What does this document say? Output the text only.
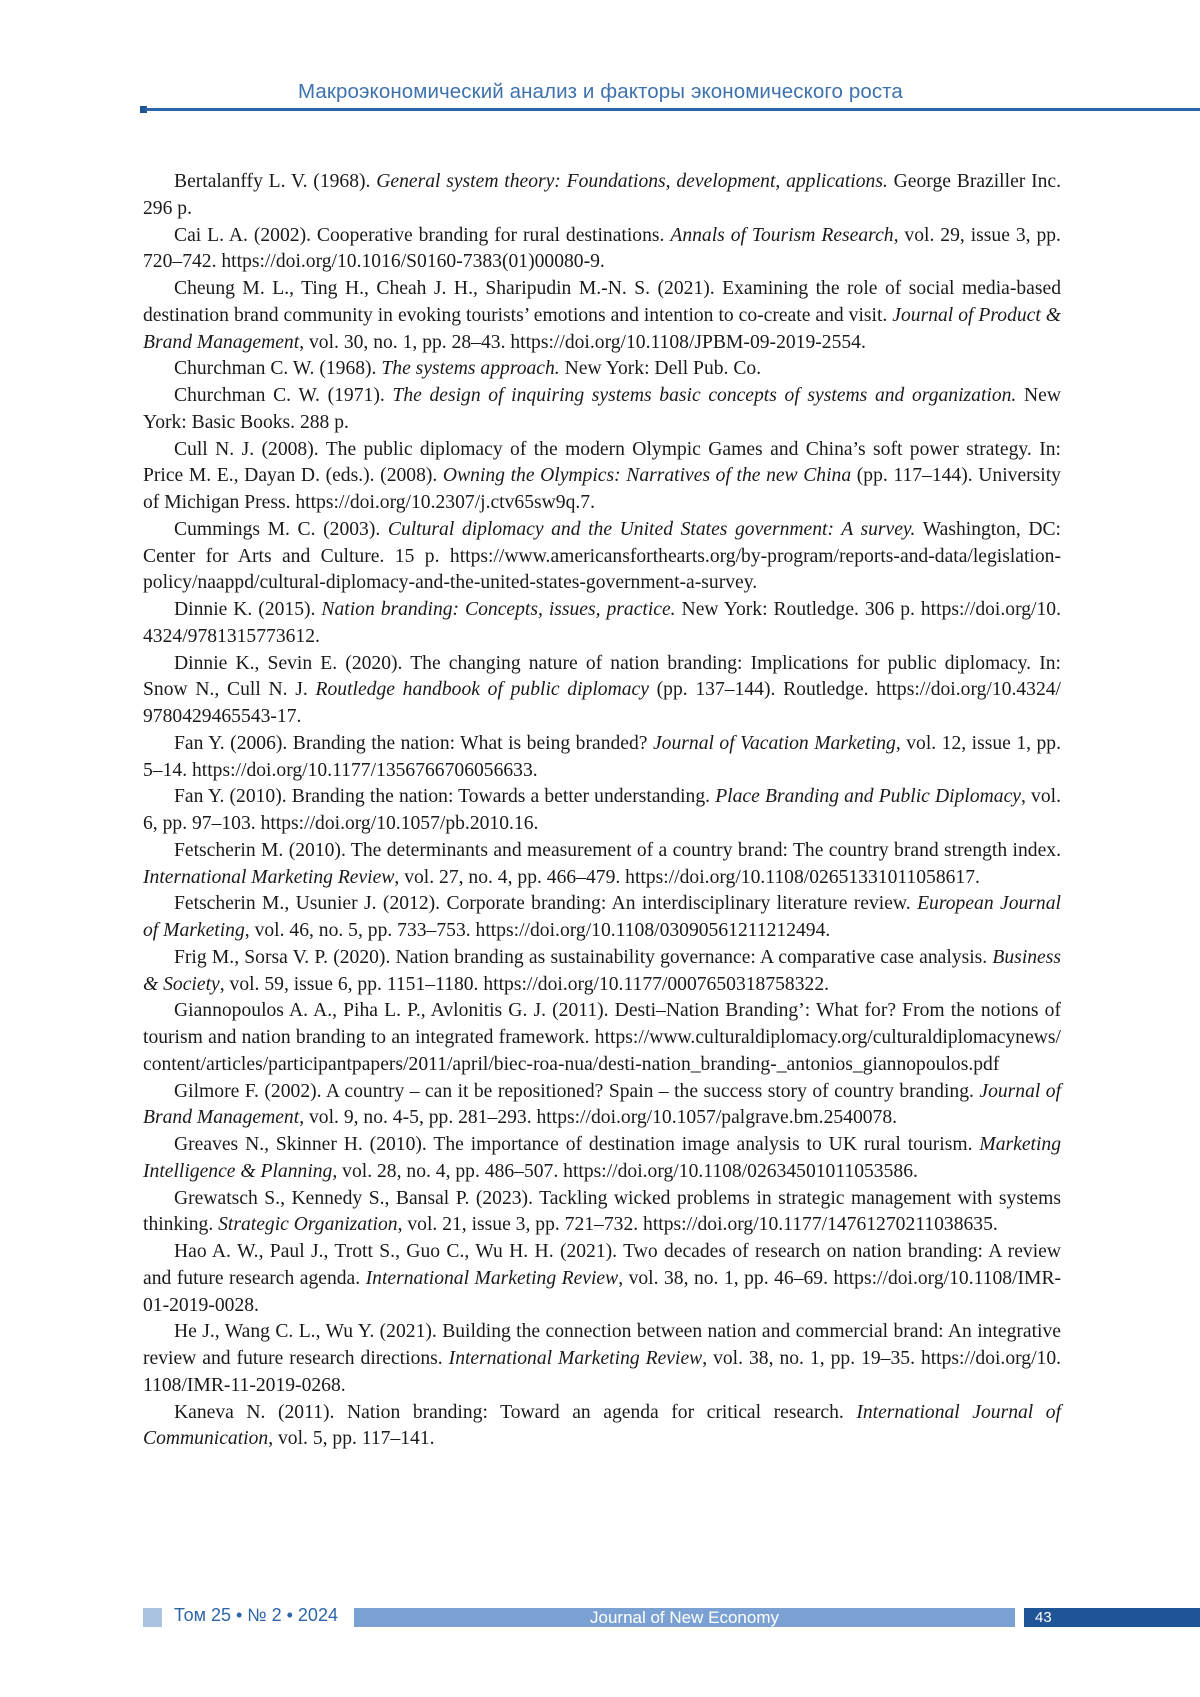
Макроэкономический анализ и факторы экономического роста

Bertalanffy L. V. (1968). General system theory: Foundations, development, applications. George Braziller Inc. 296 p.

Cai L. A. (2002). Cooperative branding for rural destinations. Annals of Tourism Research, vol. 29, issue 3, pp. 720–742. https://doi.org/10.1016/S0160-7383(01)00080-9.

Cheung M. L., Ting H., Cheah J. H., Sharipudin M.-N. S. (2021). Examining the role of social media-based destination brand community in evoking tourists’ emotions and intention to co-create and visit. Journal of Product & Brand Management, vol. 30, no. 1, pp. 28–43. https://doi.org/10.1108/JPBM-09-2019-2554.

Churchman C. W. (1968). The systems approach. New York: Dell Pub. Co.

Churchman C. W. (1971). The design of inquiring systems basic concepts of systems and organization. New York: Basic Books. 288 p.

Cull N. J. (2008). The public diplomacy of the modern Olympic Games and China’s soft power strategy. In: Price M. E., Dayan D. (eds.). (2008). Owning the Olympics: Narratives of the new China (pp. 117–144). University of Michigan Press. https://doi.org/10.2307/j.ctv65sw9q.7.

Cummings M. C. (2003). Cultural diplomacy and the United States government: A survey. Washington, DC: Center for Arts and Culture. 15 p. https://www.americansforthearts.org/by-program/reports-and-data/legislation-policy/naappd/cultural-diplomacy-and-the-united-states-government-a-survey.

Dinnie K. (2015). Nation branding: Concepts, issues, practice. New York: Routledge. 306 p. https://doi.org/10.4324/9781315773612.

Dinnie K., Sevin E. (2020). The changing nature of nation branding: Implications for public diplomacy. In: Snow N., Cull N. J. Routledge handbook of public diplomacy (pp. 137–144). Routledge. https://doi.org/10.4324/9780429465543-17.

Fan Y. (2006). Branding the nation: What is being branded? Journal of Vacation Marketing, vol. 12, issue 1, pp. 5–14. https://doi.org/10.1177/1356766706056633.

Fan Y. (2010). Branding the nation: Towards a better understanding. Place Branding and Public Diplomacy, vol. 6, pp. 97–103. https://doi.org/10.1057/pb.2010.16.

Fetscherin M. (2010). The determinants and measurement of a country brand: The country brand strength index. International Marketing Review, vol. 27, no. 4, pp. 466–479. https://doi.org/10.1108/02651331011058617.

Fetscherin M., Usunier J. (2012). Corporate branding: An interdisciplinary literature review. European Journal of Marketing, vol. 46, no. 5, pp. 733–753. https://doi.org/10.1108/03090561211212494.

Frig M., Sorsa V. P. (2020). Nation branding as sustainability governance: A comparative case analysis. Business & Society, vol. 59, issue 6, pp. 1151–1180. https://doi.org/10.1177/0007650318758322.

Giannopoulos A. A., Piha L. P., Avlonitis G. J. (2011). Desti–Nation Branding’: What for? From the notions of tourism and nation branding to an integrated framework. https://www.culturaldiplomacy.org/culturaldiplomacynews/content/articles/participantpapers/2011/april/biec-roa-nua/desti-nation_branding-_antonios_giannopoulos.pdf

Gilmore F. (2002). A country – can it be repositioned? Spain – the success story of country branding. Journal of Brand Management, vol. 9, no. 4-5, pp. 281–293. https://doi.org/10.1057/palgrave.bm.2540078.

Greaves N., Skinner H. (2010). The importance of destination image analysis to UK rural tourism. Marketing Intelligence & Planning, vol. 28, no. 4, pp. 486–507. https://doi.org/10.1108/02634501011053586.

Grewatsch S., Kennedy S., Bansal P. (2023). Tackling wicked problems in strategic management with systems thinking. Strategic Organization, vol. 21, issue 3, pp. 721–732. https://doi.org/10.1177/14761270211038635.

Hao A. W., Paul J., Trott S., Guo C., Wu H. H. (2021). Two decades of research on nation branding: A review and future research agenda. International Marketing Review, vol. 38, no. 1, pp. 46–69. https://doi.org/10.1108/IMR-01-2019-0028.

He J., Wang C. L., Wu Y. (2021). Building the connection between nation and commercial brand: An integrative review and future research directions. International Marketing Review, vol. 38, no. 1, pp. 19–35. https://doi.org/10.1108/IMR-11-2019-0268.

Kaneva N. (2011). Nation branding: Toward an agenda for critical research. International Journal of Communication, vol. 5, pp. 117–141.

Том 25 • № 2 • 2024	Journal of New Economy	43
